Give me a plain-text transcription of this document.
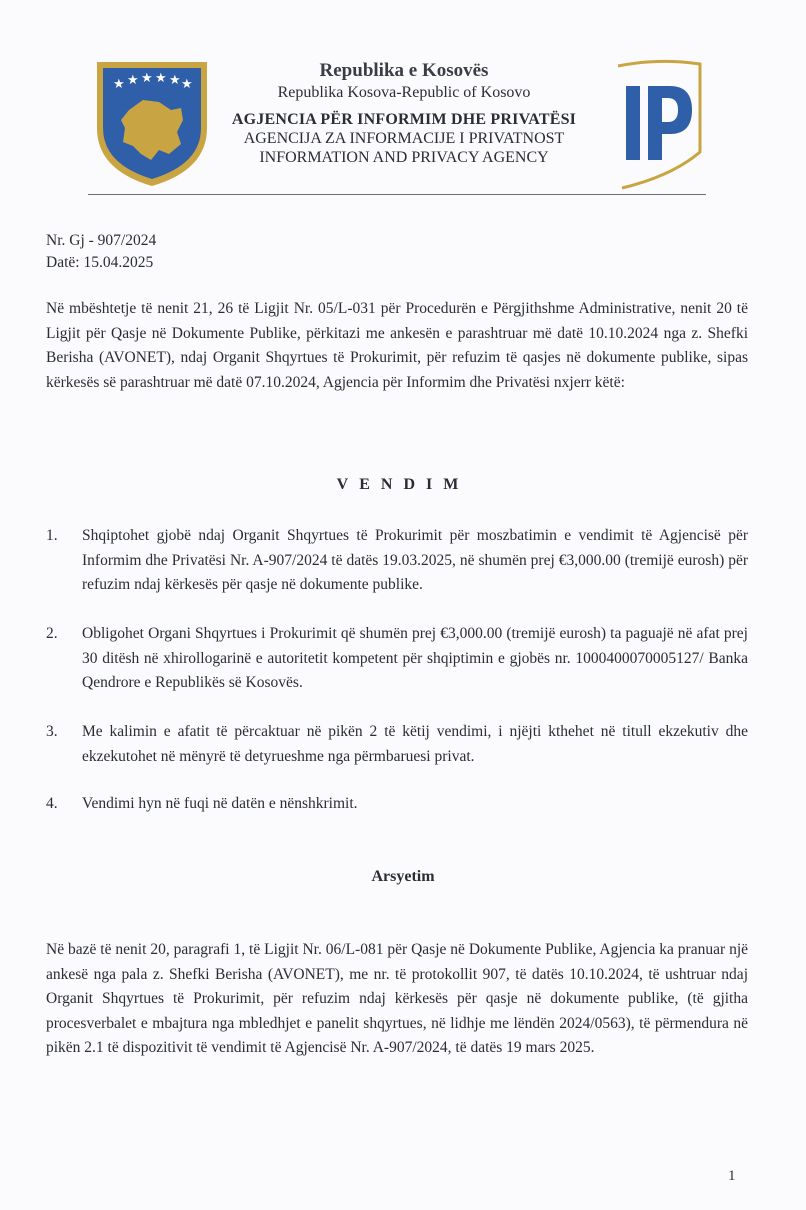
★ ★ ★ ★ ★ ★
Republika e Kosovës
Republika Kosova-Republic of Kosovo
AGJENCIA PËR INFORMIM DHE PRIVATËSI
AGENCIJA ZA INFORMACIJE I PRIVATNOST
INFORMATION AND PRIVACY AGENCY
Nr. Gj - 907/2024
Datë: 15.04.2025

Në mbështetje të nenit 21, 26 të Ligjit Nr. 05/L-031 për Procedurën e Përgjithshme Administrative, nenit 20 të Ligjit për Qasje në Dokumente Publike, përkitazi me ankesën e parashtruar më datë 10.10.2024 nga z. Shefki Berisha (AVONET), ndaj Organit Shqyrtues të Prokurimit, për refuzim të qasjes në dokumente publike, sipas kërkesës së parashtruar më datë 07.10.2024, Agjencia për Informim dhe Privatësi nxjerr këtë:

VENDIM
1. Shqiptohet gjobë ndaj Organit Shqyrtues të Prokurimit për moszbatimin e vendimit të Agjencisë për Informim dhe Privatësi Nr. A-907/2024 të datës 19.03.2025, në shumën prej €3,000.00 (tremijë eurosh) për refuzim ndaj kërkesës për qasje në dokumente publike.
2. Obligohet Organi Shqyrtues i Prokurimit që shumën prej €3,000.00 (tremijë eurosh) ta paguajë në afat prej 30 ditësh në xhirollogarinë e autoritetit kompetent për shqiptimin e gjobës nr. 1000400070005127/ Banka Qendrore e Republikës së Kosovës.
3. Me kalimin e afatit të përcaktuar në pikën 2 të këtij vendimi, i njëjti kthehet në titull ekzekutiv dhe ekzekutohet në mënyrë të detyrueshme nga përmbaruesi privat.
4. Vendimi hyn në fuqi në datën e nënshkrimit.
Arsyetim

Në bazë të nenit 20, paragrafi 1, të Ligjit Nr. 06/L-081 për Qasje në Dokumente Publike, Agjencia ka pranuar një ankesë nga pala z. Shefki Berisha (AVONET), me nr. të protokollit 907, të datës 10.10.2024, të ushtruar ndaj Organit Shqyrtues të Prokurimit, për refuzim ndaj kërkesës për qasje në dokumente publike, (të gjitha procesverbalet e mbajtura nga mbledhjet e panelit shqyrtues, në lidhje me lëndën 2024/0563), të përmendura në pikën 2.1 të dispozitivit të vendimit të Agjencisë Nr. A-907/2024, të datës 19 mars 2025.

1
